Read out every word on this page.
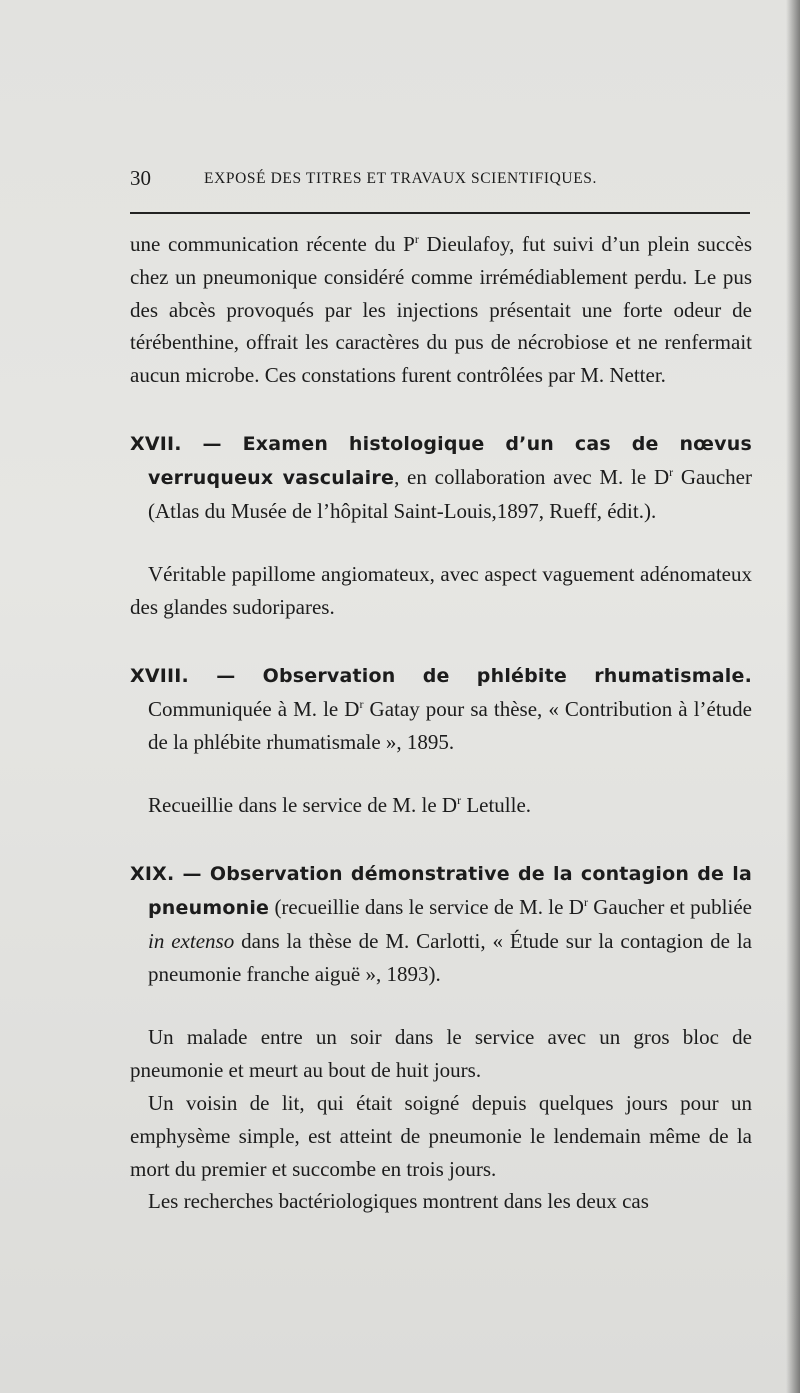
30	EXPOSÉ DES TITRES ET TRAVAUX SCIENTIFIQUES.

une communication récente du $P^r$ Dieulafoy, fut suivi d’un plein succès chez un pneumonique considéré comme irrémédiablement perdu. Le pus des abcès provoqués par les injections présentait une forte odeur de térébenthine, offrait les caractères du pus de nécrobiose et ne renfermait aucun microbe. Ces constations furent contrôlées par M. Netter.

XVII. — Examen histologique d’un cas de nœvus verruqueux vasculaire, en collaboration avec M. le $D^r$ Gaucher (Atlas du Musée de l’hôpital Saint-Louis,1897, Rueff, édit.).

Véritable papillome angiomateux, avec aspect vaguement adénomateux des glandes sudoripares.

XVIII. — Observation de phlébite rhumatismale. Communiquée à M. le $D^r$ Gatay pour sa thèse, « Contribution à l’étude de la phlébite rhumatismale », 1895.

Recueillie dans le service de M. le $D^r$ Letulle.

XIX. — Observation démonstrative de la contagion de la pneumonie (recueillie dans le service de M. le $D^r$ Gaucher et publiée in extenso dans la thèse de M. Carlotti, « Étude sur la contagion de la pneumonie franche aiguë », 1893).

Un malade entre un soir dans le service avec un gros bloc de pneumonie et meurt au bout de huit jours.

Un voisin de lit, qui était soigné depuis quelques jours pour un emphysème simple, est atteint de pneumonie le lendemain même de la mort du premier et succombe en trois jours.

Les recherches bactériologiques montrent dans les deux cas
